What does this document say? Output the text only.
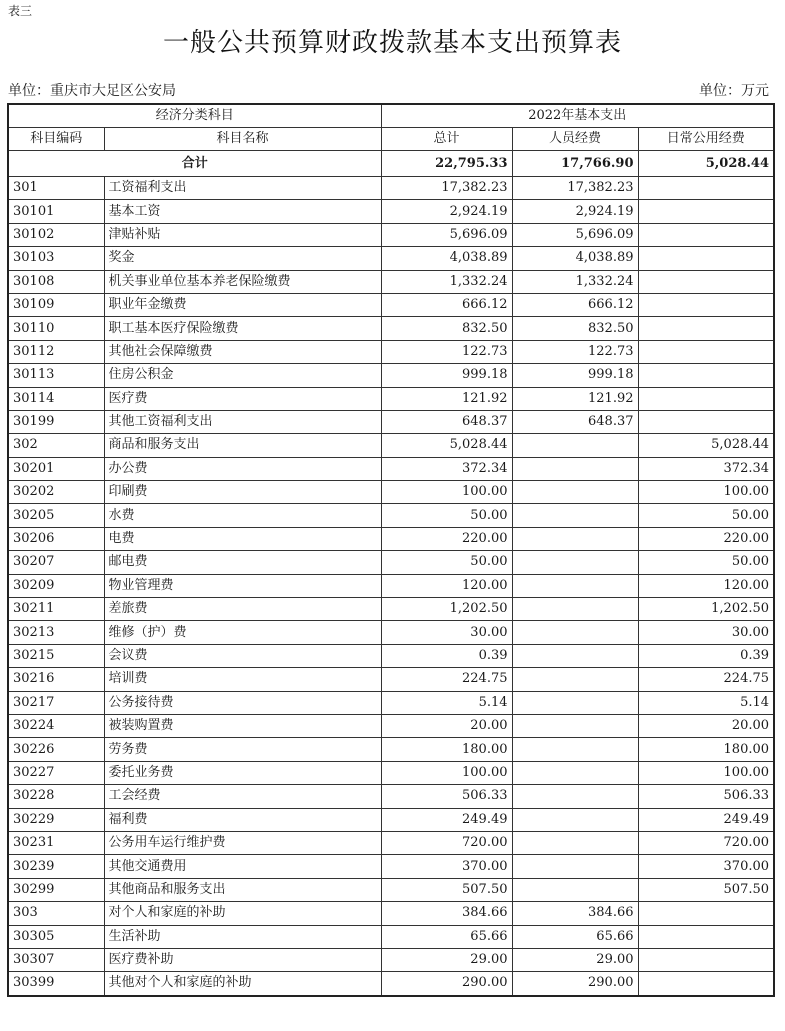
表三
一般公共预算财政拨款基本支出预算表
单位：重庆市大足区公安局	单位：万元
经济分类科目		2022年基本支出		
科目编码	科目名称	总计	人员经费	日常公用经费
合计		22,795.33	17,766.90	5,028.44
301	工资福利支出	17,382.23	17,382.23	
30101	基本工资	2,924.19	2,924.19	
30102	津贴补贴	5,696.09	5,696.09	
30103	奖金	4,038.89	4,038.89	
30108	机关事业单位基本养老保险缴费	1,332.24	1,332.24	
30109	职业年金缴费	666.12	666.12	
30110	职工基本医疗保险缴费	832.50	832.50	
30112	其他社会保障缴费	122.73	122.73	
30113	住房公积金	999.18	999.18	
30114	医疗费	121.92	121.92	
30199	其他工资福利支出	648.37	648.37	
302	商品和服务支出	5,028.44		5,028.44
30201	办公费	372.34		372.34
30202	印刷费	100.00		100.00
30205	水费	50.00		50.00
30206	电费	220.00		220.00
30207	邮电费	50.00		50.00
30209	物业管理费	120.00		120.00
30211	差旅费	1,202.50		1,202.50
30213	维修（护）费	30.00		30.00
30215	会议费	0.39		0.39
30216	培训费	224.75		224.75
30217	公务接待费	5.14		5.14
30224	被装购置费	20.00		20.00
30226	劳务费	180.00		180.00
30227	委托业务费	100.00		100.00
30228	工会经费	506.33		506.33
30229	福利费	249.49		249.49
30231	公务用车运行维护费	720.00		720.00
30239	其他交通费用	370.00		370.00
30299	其他商品和服务支出	507.50		507.50
303	对个人和家庭的补助	384.66	384.66	
30305	生活补助	65.66	65.66	
30307	医疗费补助	29.00	29.00	
30399	其他对个人和家庭的补助	290.00	290.00	
